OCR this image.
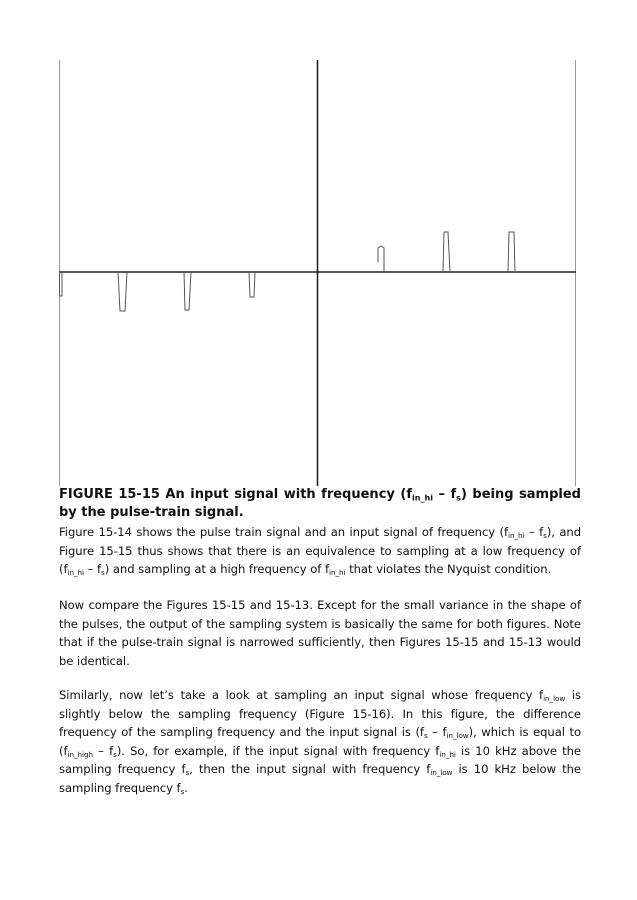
FIGURE 15-15 An input signal with frequency $(f_{in\_hi} - f_s)$ being sampled by the pulse-train signal.

Figure 15-14 shows the pulse train signal and an input signal of frequency $(f_{in\_hi} - f_s)$, and Figure 15-15 thus shows that there is an equivalence to sampling at a low frequency of $(f_{in\_hi} - f_s)$ and sampling at a high frequency of $f_{in\_hi}$ that violates the Nyquist condition.

Now compare the Figures 15-15 and 15-13. Except for the small variance in the shape of the pulses, the output of the sampling system is basically the same for both figures. Note that if the pulse-train signal is narrowed sufficiently, then Figures 15-15 and 15-13 would be identical.

Similarly, now let’s take a look at sampling an input signal whose frequency $f_{in\_low}$ is slightly below the sampling frequency (Figure 15-16). In this figure, the difference frequency of the sampling frequency and the input signal is $(f_s - f_{in\_low})$, which is equal to $(f_{in\_high} - f_s)$. So, for example, if the input signal with frequency $f_{in\_hi}$ is 10 kHz above the sampling frequency $f_s$, then the input signal with frequency $f_{in\_low}$ is 10 kHz below the sampling frequency $f_s$.
